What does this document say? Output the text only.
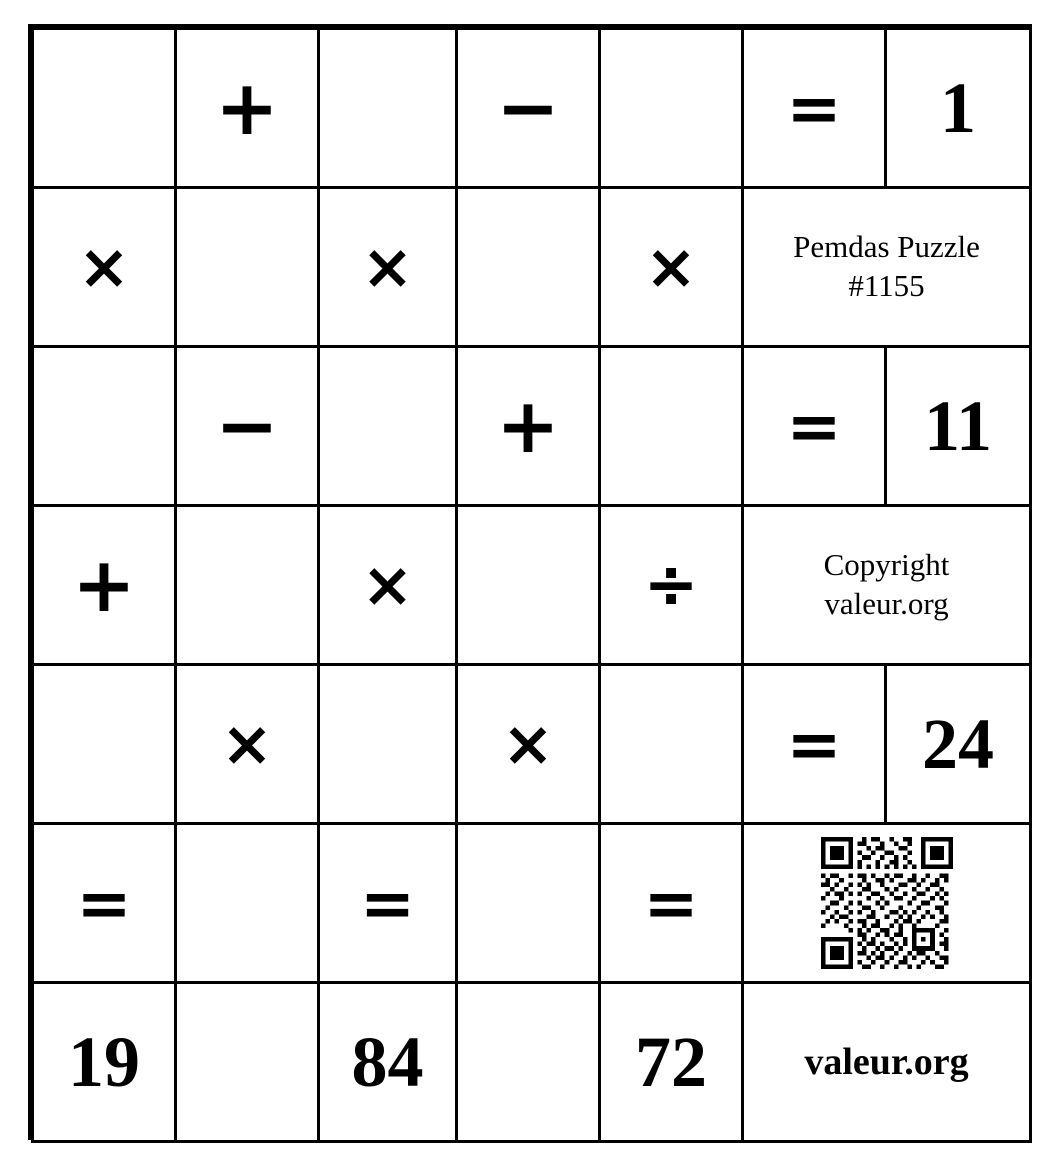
	+		−		=	1
×		×		×	Pemdas Puzzle
#1155	

	−		+		=	11
+		×		÷	Copyright
valeur.org	

	×		×		=	24
=		=		=	

19		84		72	valeur.org	
